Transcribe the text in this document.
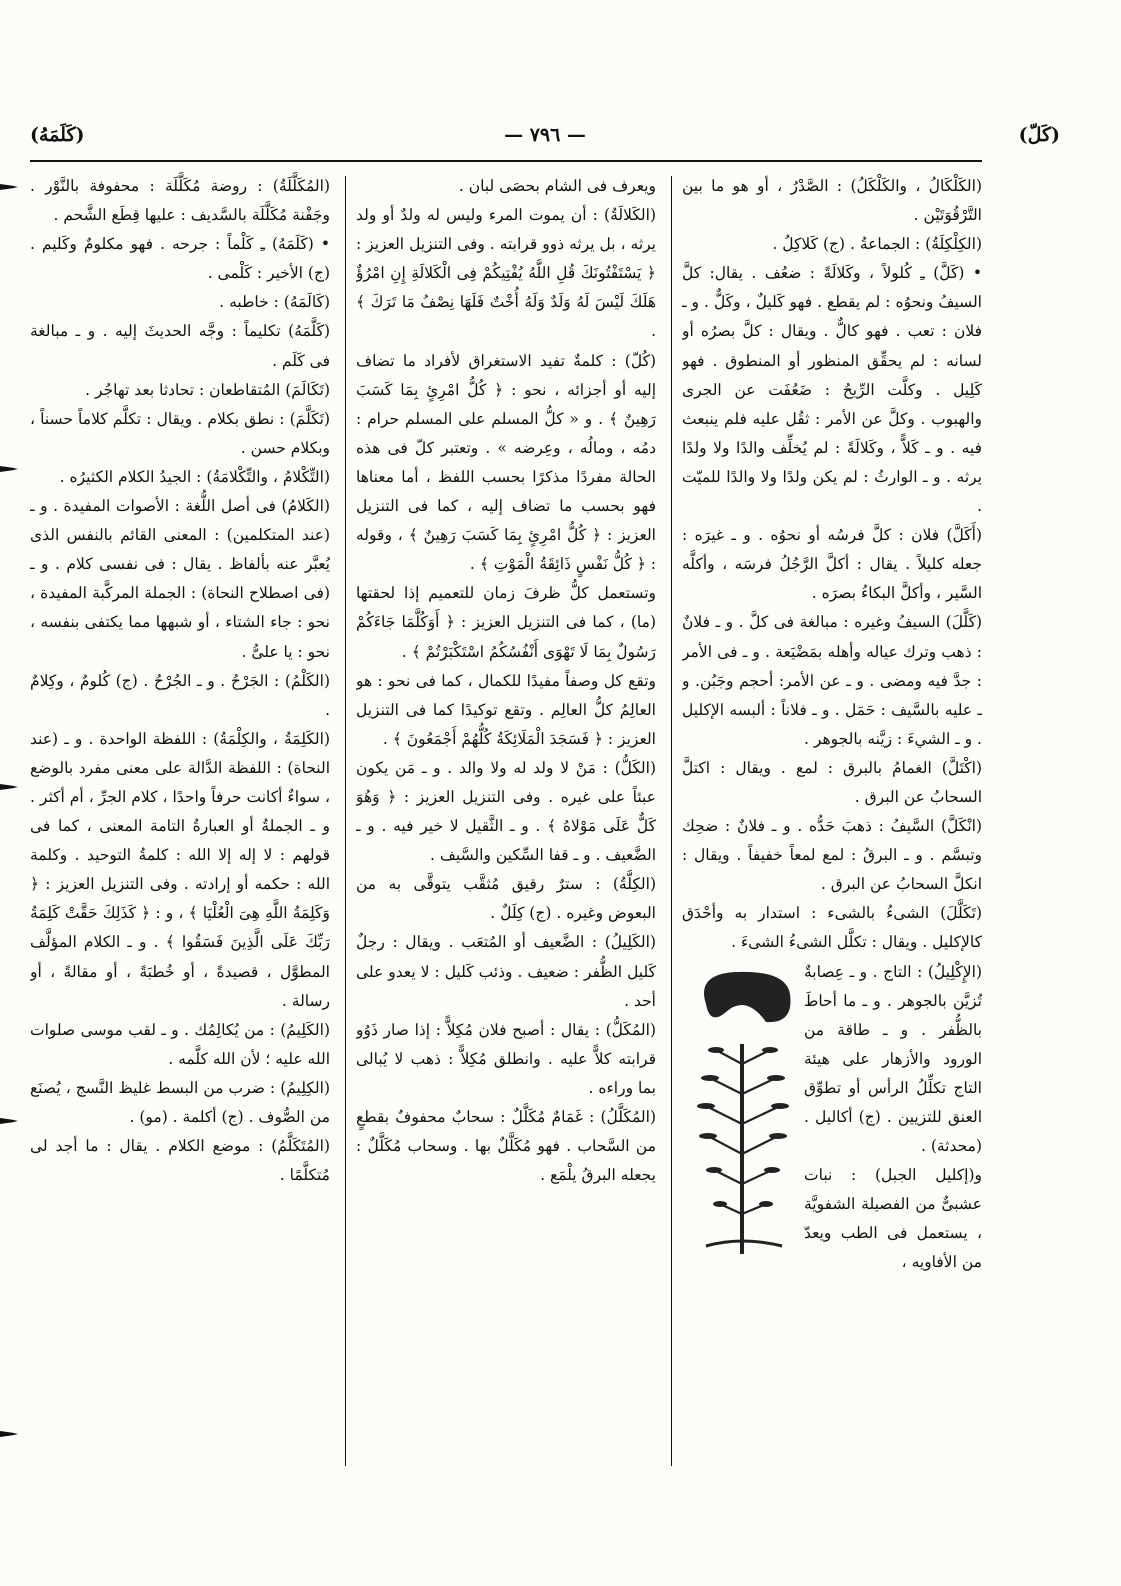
(كَلّ)
— ٧٩٦ —
(كَلَمَهُ)

(الكَلْكَالُ ، والكَلْكَلُ) : الصَّدْرُ ، أو هو ما بين التَّرْقُوَتَيْن .

(الكِلْكِلَةُ) : الجماعةُ . (ج) كَلاكِلُ .

• (كَلَّ) ـِ كُلولاً ، وكَلالَةً : ضعُف . يقال: كلَّ السيفُ ونحوُه : لم يقطع . فهو كَليلٌ ، وكَلٌّ . و ـ فلان : تعب . فهو كالٌّ . ويقال : كلَّ بصرُه أو لسانه : لم يحقِّق المنظور أو المنطوق . فهو كَلِيل . وكلَّت الرِّيحُ : ضَعُفَت عن الجرى والهبوب . وكلَّ عن الأمر : ثقُل عليه فلم ينبعث فيه . و ـ كَلاًّ ، وكَلالَةً : لم يُخلِّف والدًا ولا ولدًا يرثه . و ـ الوارثُ : لم يكن ولدًا ولا والدًا للميّت .

(أَكَلَّ) فلان : كلَّ فرسُه أو نحوُه . و ـ غيرَه : جعله كليلاً . يقال : أكلَّ الرَّجُلُ فرسَه ، وأكلَّه السَّير ، وأكلَّ البكاءُ بصرَه .

(كَلَّلَ) السيفُ وغيره : مبالغة فى كلَّ . و ـ فلانٌ : ذهب وترك عياله وأهله بمَضْيَعة . و ـ فى الأمر : جدَّ فيه ومضى . و ـ عن الأمر: أحجم وجَبُن. و ـ عليه بالسَّيف : حَمَل . و ـ فلاناً : ألبسه الإكليل . و ـ الشيءَ : زيَّنه بالجوهر .

(اكْتَلَّ) الغمامُ بالبرق : لمع . ويقال : اكتلَّ السحابُ عن البرق .

(انْكَلَّ) السَّيفُ : ذهبَ حَدُّه . و ـ فلانٌ : ضحِك وتبسَّم . و ـ البرقُ : لمع لمعاً خفيفاً . ويقال : انكلَّ السحابُ عن البرق .

(تَكَلَّلَ) الشىءُ بالشىء : استدار به وأحْدَق كالإكليل . ويقال : تكلَّل الشىءُ الشىءَ .

(الإِكْلِيلُ) : التاج . و ـ عِصابةٌ تُزيَّن بالجوهر . و ـ ما أحاطَ بالظُّفر . و ـ طاقة من الورود والأزهار على هيئة التاج تكلِّلُ الرأس أو تطوِّق العنق للتزيين . (ج) أكاليل . (محدثة) .

و(إكليل الجبل) : نبات عشبىٌّ من الفصيلة الشفويَّة ، يستعمل فى الطب ويعدّ من الأفاويه ،

ويعرف فى الشام بحصَى لبان .

(الكَلالَةُ) : أن يموت المرء وليس له ولدٌ أو ولد يرثه ، بل يرثه ذوو قرابته . وفى التنزيل العزيز : ﴿ يَسْتَفْتُونَكَ قُلِ اللَّهُ يُفْتِيكُمْ فِى الْكَلالَةِ إِنِ امْرُؤٌ هَلَكَ لَيْسَ لَهُ وَلَدٌ وَلَهُ أُخْتٌ فَلَهَا نِصْفُ مَا تَرَكَ ﴾ .

(كُلّ) : كلمةٌ تفيد الاستغراق لأفراد ما تضاف إليه أو أجزائه ، نحو : ﴿ كُلُّ امْرِئٍ بِمَا كَسَبَ رَهِينٌ ﴾ . و « كلُّ المسلم على المسلم حرام : دمُه ، ومالُه ، وعِرضه » . وتعتبر كلّ فى هذه الحالة مفردًا مذكرًا بحسب اللفظ ، أما معناها فهو بحسب ما تضاف إليه ، كما فى التنزيل العزيز : ﴿ كُلُّ امْرِئٍ بِمَا كَسَبَ رَهِينٌ ﴾ ، وقوله : ﴿ كُلُّ نَفْسٍ ذَائِقَةُ الْمَوْتِ ﴾ .

وتستعمل كلُّ ظرفَ زمان للتعميم إذا لحقتها (ما) ، كما فى التنزيل العزيز : ﴿ أَوَكُلَّمَا جَاءَكُمْ رَسُولٌ بِمَا لَا تَهْوَى أَنْفُسُكُمُ اسْتَكْبَرْتُمْ ﴾ .

وتقع كل وصفاً مفيدًا للكمال ، كما فى نحو : هو العالِمُ كلُّ العالِم . وتقع توكيدًا كما فى التنزيل العزيز : ﴿ فَسَجَدَ الْمَلَائِكَةُ كُلُّهُمْ أَجْمَعُونَ ﴾ .

(الكَلُّ) : مَنْ لا ولد له ولا والد . و ـ مَن يكون عبئاً على غيره . وفى التنزيل العزيز : ﴿ وَهُوَ كَلٌّ عَلَى مَوْلاهُ ﴾ . و ـ الثَّقيل لا خير فيه . و ـ الضَّعيف . و ـ قفا السِّكين والسَّيف .

(الكِلَّةُ) : سترٌ رقيق مُثقَّب يتوقَّى به من البعوض وغيره . (ج) كِلَلٌ .

(الكَلِيلُ) : الضَّعيف أو المُتعَب . ويقال : رجلٌ كَليل الظُّفر : ضعيف . وذئب كَليل : لا يعدو على أحد .

(المُكَلُّ) : يقال : أصبح فلان مُكِلاًّ : إذا صار ذَوُو قرابته كلاًّ عليه . وانطلق مُكِلاًّ : ذهب لا يُبالى بما وراءه .

(المُكَلَّلُ) : غَمَامٌ مُكَلَّلٌ : سحابٌ محفوفٌ بقطعٍ من السَّحاب . فهو مُكَلَّلٌ بها . وسحاب مُكَلَّلٌ : يجعله البرقُ يلْمَع .

(المُكَلَّلَةُ) : روضة مُكَلَّلَة : محفوفة بالنَّوْر . وجَفْنة مُكَلَّلَة بالسَّديف : عليها قِطَع الشَّحم .

• (كَلَمَهُ) ـِ كَلْماً : جرحه . فهو مكلومٌ وكَليم . (ج) الأخير : كَلْمى .

(كَالَمَهُ) : خاطبه .

(كَلَّمَهُ) تكليماً : وجَّه الحديثَ إليه . و ـ مبالغة فى كَلَم .

(تَكَالَمَ) المُتقاطعان : تحادثا بعد تهاجُر .

(تَكَلَّمَ) : نطق بكلام . ويقال : تكلَّم كلاماً حسناً ، وبكلام حسن .

(التِّكْلامُ ، والتِّكْلامَةُ) : الجيدُ الكلام الكثيرُه .

(الكَلامُ) فى أصل اللُّغة : الأصوات المفيدة . و ـ (عند المتكلمين) : المعنى القائم بالنفس الذى يُعبَّر عنه بألفاظ . يقال : فى نفسى كلام . و ـ (فى اصطلاح النحاة) : الجملة المركَّبة المفيدة ، نحو : جاء الشتاء ، أو شبهها مما يكتفى بنفسه ، نحو : يا علىُّ .

(الكَلْمُ) : الجَرْحُ . و ـ الجُرْحُ . (ج) كُلومٌ ، وكِلامٌ .

(الكَلِمَةُ ، والكِلْمَةُ) : اللفظة الواحدة . و ـ (عند النحاة) : اللفظة الدَّالة على معنى مفرد بالوضع ، سواءٌ أكانت حرفاً واحدًا ، كلام الجرِّ ، أم أكثر . و ـ الجملةُ أو العبارةُ التامة المعنى ، كما فى قولهم : لا إله إلا الله : كلمةُ التوحيد . وكلمة الله : حكمه أو إرادته . وفى التنزيل العزيز : ﴿ وَكَلِمَةُ اللَّهِ هِىَ الْعُلْيَا ﴾ ، و : ﴿ كَذَلِكَ حَقَّتْ كَلِمَةُ رَبِّكَ عَلَى الَّذِينَ فَسَقُوا ﴾ . و ـ الكلام المؤلَّف المطوَّل ، قصيدةً ، أو خُطبَةً ، أو مقالةً ، أو رسالة .

(الكَلِيمُ) : من يُكالِمُك . و ـ لقب موسى صلوات الله عليه ؛ لأن الله كلَّمه .

(الكِلِيمُ) : ضرب من البسط غليظ النَّسج ، يُصنَع من الصُّوف . (ج) أكلمة . (مو) .

(المُتَكَلَّمُ) : موضع الكلام . يقال : ما أجد لى مُتكلَّمًا .
